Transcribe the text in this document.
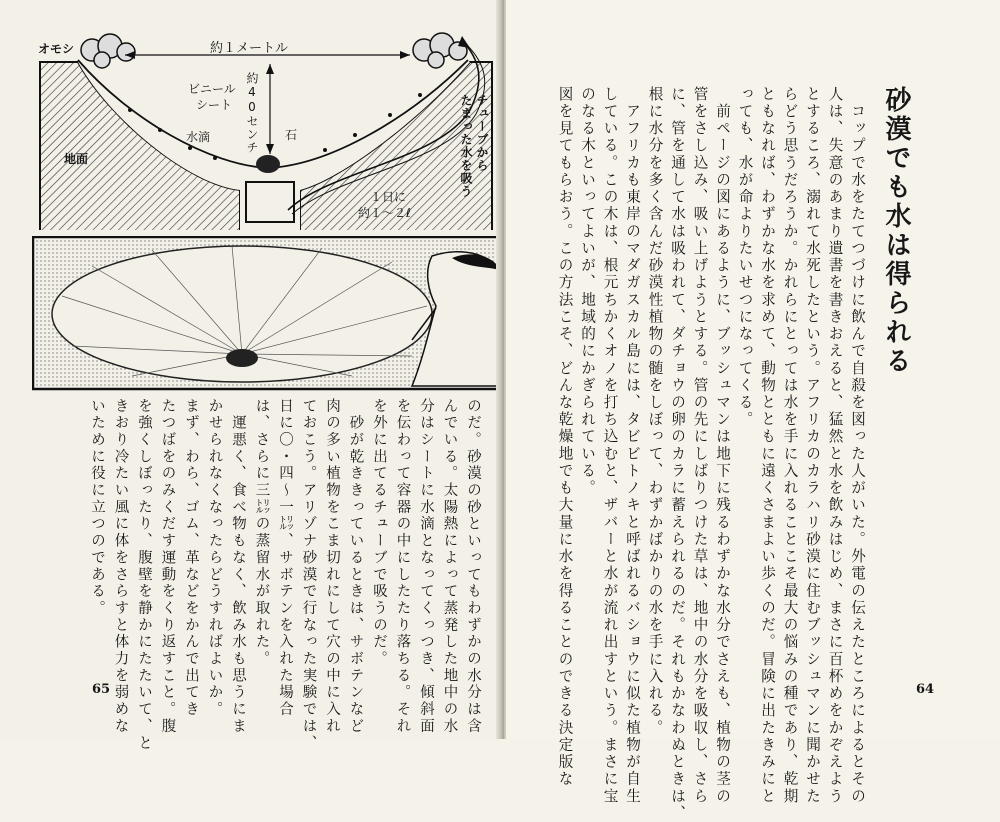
オモシ	約１メートル
約40センチ
ビニール
シート
水滴	石
地面	チューブから
たまった水を吸う
１日に
約１〜２ℓ
のだ。砂漠の砂といってもわずかの水分は含
んでいる。太陽熱によって蒸発した地中の水
分はシートに水滴となってくっつき、傾斜面
を伝わって容器の中にしたたり落ちる。それ
を外に出てるチューブで吸うのだ。
　砂が乾ききっているときは、サボテンなど
肉の多い植物をこま切れにして穴の中に入れ
ておこう。アリゾナ砂漠で行なった実験では、
日に〇・四〜一㍑、サボテンを入れた場合
は、さらに三㍑の蒸留水が取れた。
　運悪く、食べ物もなく、飲み水も思うにま
かせられなくなったらどうすればよいか。
まず、わら、ゴム、革などをかんで出てき
たつばをのみくだす運動をくり返すこと。腹
を強くしぼったり、腹壁を静かにたたいて、と
きおり冷たい風に体をさらすと体力を弱めな
いために役に立つのである。
65
砂漠でも水は得られる
　コップで水をたてつづけに飲んで自殺を図った人がいた。外電の伝えたところによるとその
人は、失意のあまり遺書を書きおえると、猛然と水を飲みはじめ、まさに百杯めをかぞえよう
とするころ、溺れて水死したという。アフリカのカラハリ砂漠に住むブッシュマンに聞かせた
らどう思うだろうか。かれらにとっては水を手に入れることこそ最大の悩みの種であり、乾期
ともなれば、わずかな水を求めて、動物とともに遠くさまよい歩くのだ。冒険に出たきみにと
っても、水が命よりたいせつになってくる。
　前ページの図にあるように、ブッシュマンは地下に残るわずかな水分でさえも、植物の茎の
管をさし込み、吸い上げようとする。管の先にしばりつけた草は、地中の水分を吸収し、さら
に、管を通して水は吸われて、ダチョウの卵のカラに蓄えられるのだ。それもかなわぬときは、
根に水分を多く含んだ砂漠性植物の髄をしぼって、わずかばかりの水を手に入れる。
　アフリカも東岸のマダガスカル島には、タビビトノキと呼ばれるバショウに似た植物が自生
している。この木は、根元ちかくオノを打ち込むと、ザバーと水が流れ出すという。まさに宝
のなる木といってよいが、地域的にかぎられている。
図を見てもらおう。この方法こそ、どんな乾燥地でも大量に水を得ることのできる決定版な	64
